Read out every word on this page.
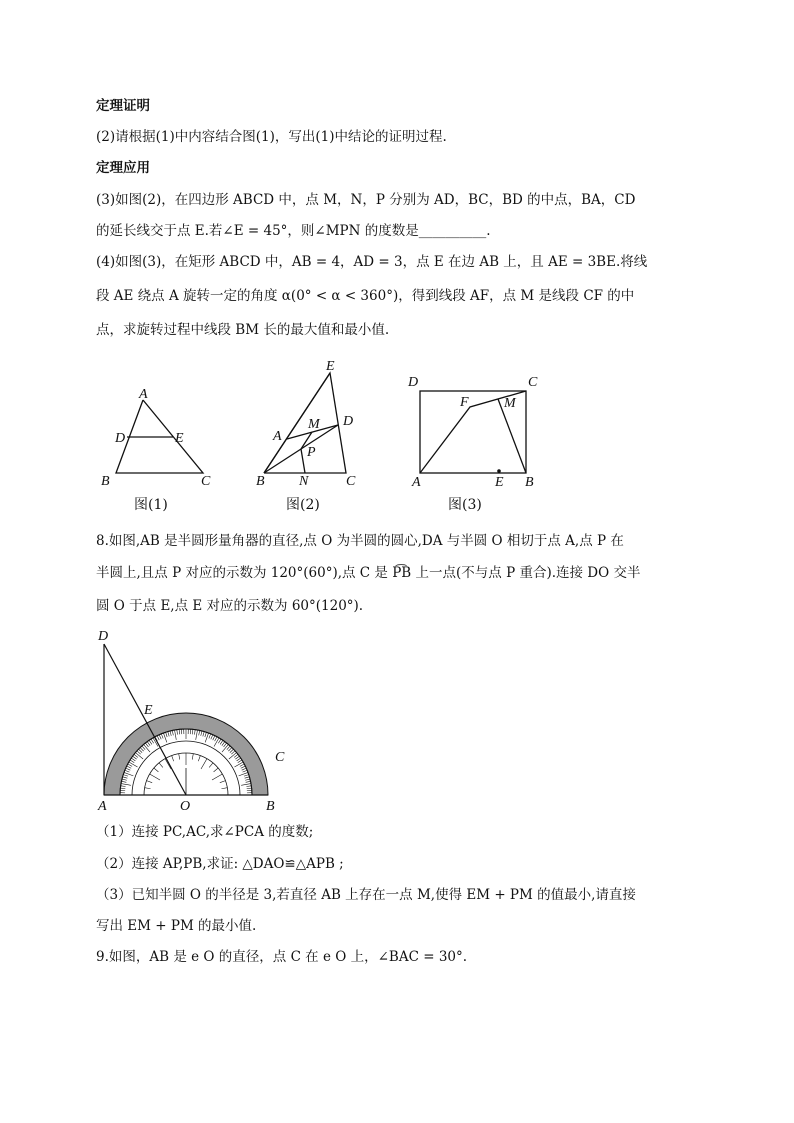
定理证明
(2)请根据(1)中内容结合图(1)，写出(1)中结论的证明过程.
定理应用
(3)如图(2)，在四边形 ABCD 中，点 M，N，P 分别为 AD，BC，BD 的中点，BA，CD
的延长线交于点 E.若∠E = 45°，则∠MPN 的度数是__________.
(4)如图(3)，在矩形 ABCD 中，AB = 4，AD = 3，点 E 在边 AB 上，且 AE = 3BE.将线
段 AE 绕点 A 旋转一定的角度 α(0° < α < 360°)，得到线段 AF，点 M 是线段 CF 的中
点，求旋转过程中线段 BM 长的最大值和最小值.
8.如图,AB 是半圆形量角器的直径,点 O 为半圆的圆心,DA 与半圆 O 相切于点 A,点 P 在
半圆上,且点 P 对应的示数为 120°(60°),点 C 是 P͡B 上一点(不与点 P 重合).连接 DO 交半
圆 O 于点 E,点 E 对应的示数为 60°(120°).
（1）连接 PC,AC,求∠PCA 的度数;
（2）连接 AP,PB,求证: △DAO≌△APB ;
（3）已知半圆 O 的半径是 3,若直径 AB 上存在一点 M,使得 EM + PM 的值最小,请直接
写出 EM + PM 的最小值.
9.如图，AB 是 e O 的直径，点 C 在 e O 上，∠BAC = 30°.
A
D	E
B	C
图(1)
E
M D
A
P
B N	C
图(2)
D	C
F	M
A	E B
图(3)
D
E
C
A	O	B
